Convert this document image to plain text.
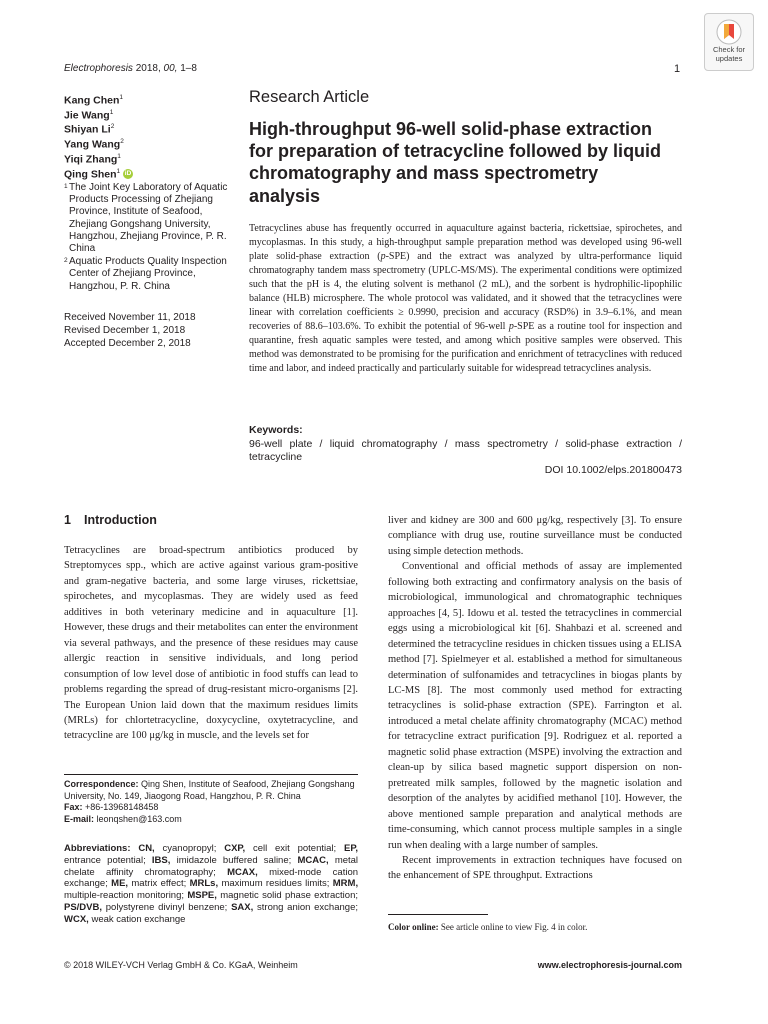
Electrophoresis 2018, 00, 1–8	1
Check for updates
Kang Chen$^1$
Jie Wang$^1$
Shiyan Li$^2$
Yang Wang$^2$
Yiqi Zhang$^1$
Qing Shen$^1$ iD
1 The Joint Key Laboratory of Aquatic Products Processing of Zhejiang Province, Institute of Seafood, Zhejiang Gongshang University, Hangzhou, Zhejiang Province, P. R. China
2 Aquatic Products Quality Inspection Center of Zhejiang Province, Hangzhou, P. R. China
Received November 11, 2018
Revised December 1, 2018
Accepted December 2, 2018
Research Article
High-throughput 96-well solid-phase extraction for preparation of tetracycline followed by liquid chromatography and mass spectrometry analysis
Tetracyclines abuse has frequently occurred in aquaculture against bacteria, rickettsiae, spirochetes, and mycoplasmas. In this study, a high-throughput sample preparation method was developed using 96-well plate solid-phase extraction (p-SPE) and the extract was analyzed by ultra-performance liquid chromatography tandem mass spectrometry (UPLC-MS/MS). The experimental conditions were optimized such that the pH is 4, the eluting solvent is methanol (2 mL), and the sorbent is hydrophilic-lipophilic balance (HLB) microsphere. The whole protocol was validated, and it showed that the tetracyclines were linear with correlation coefficients ≥ 0.9990, precision and accuracy (RSD%) in 3.9–6.1%, and mean recoveries of 88.6–103.6%. To exhibit the potential of 96-well p-SPE as a routine tool for inspection and quarantine, fresh aquatic samples were tested, and among which positive samples were observed. This method was demonstrated to be promising for the purification and enrichment of tetracyclines with reduced time and labor, and indeed practically and particularly suitable for widespread tetracyclines analysis.
Keywords:
96-well plate / liquid chromatography / mass spectrometry / solid-phase extraction / tetracycline
DOI 10.1002/elps.201800473
1 Introduction

Tetracyclines are broad-spectrum antibiotics produced by Streptomyces spp., which are active against various gram-positive and gram-negative bacteria, and some large viruses, rickettsiae, spirochetes, and mycoplasmas. They are widely used as feed additives in both veterinary medicine and in aquaculture [1]. However, these drugs and their metabolites can enter the environment via several pathways, and the presence of these residues may cause allergic reaction in sensitive individuals, and long period consumption of low level dose of antibiotic in food stuffs can lead to problems regarding the spread of drug-resistant micro-organisms [2]. The European Union laid down that the maximum residues limits (MRLs) for chlortetracycline, doxycycline, oxytetracycline, and tetracycline are 100 μg/kg in muscle, and the levels set for

liver and kidney are 300 and 600 μg/kg, respectively [3]. To ensure compliance with drug use, routine surveillance must be conducted using simple detection methods.

Conventional and official methods of assay are implemented following both extracting and confirmatory analysis on the basis of microbiological, immunological and chromatographic techniques approaches [4, 5]. Idowu et al. tested the tetracyclines in commercial eggs using a microbiological kit [6]. Shahbazi et al. screened and determined the tetracycline residues in chicken tissues using a ELISA method [7]. Spielmeyer et al. established a method for simultaneous determination of sulfonamides and tetracyclines in biogas plants by LC-MS [8]. The most commonly used method for extracting tetracyclines is solid-phase extraction (SPE). Farrington et al. introduced a metal chelate affinity chromatography (MCAC) method for tetracycline extract purification [9]. Rodriguez et al. reported a magnetic solid phase extraction (MSPE) involving the extraction and clean-up by silica based magnetic support dispersion on non-pretreated milk samples, followed by the magnetic isolation and desorption of the analytes by acidified methanol [10]. However, the above mentioned sample preparation and analytical methods are time-consuming, which cannot process multiple samples in a single run when dealing with a large number of samples.

Recent improvements in extraction techniques have focused on the enhancement of SPE throughput. Extractions

Correspondence: Qing Shen, Institute of Seafood, Zhejiang Gongshang University, No. 149, Jiaogong Road, Hangzhou, P. R. China
Fax: +86-13968148458
E-mail: leonqshen@163.com
Abbreviations: CN, cyanopropyl; CXP, cell exit potential; EP, entrance potential; IBS, imidazole buffered saline; MCAC, metal chelate affinity chromatography; MCAX, mixed-mode cation exchange; ME, matrix effect; MRLs, maximum residues limits; MRM, multiple-reaction monitoring; MSPE, magnetic solid phase extraction; PS/DVB, polystyrene divinyl benzene; SAX, strong anion exchange; WCX, weak cation exchange
Color online: See article online to view Fig. 4 in color.
© 2018 WILEY-VCH Verlag GmbH & Co. KGaA, Weinheim	www.electrophoresis-journal.com
